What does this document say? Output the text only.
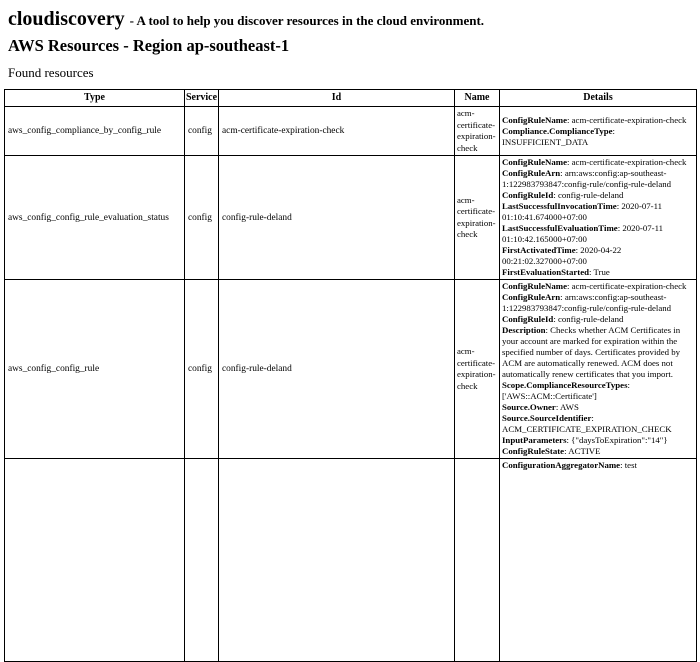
cloudiscovery - A tool to help you discover resources in the cloud environment.
AWS Resources - Region ap-southeast-1

Found resources

Type	Service	Id	Name	Details
aws_config_compliance_by_config_rule	config	acm-certificate-expiration-check	acm-certificate-expiration-check	ConfigRuleName: acm-certificate-expiration-check
Compliance.ComplianceType: INSUFFICIENT_DATA

aws_config_config_rule_evaluation_status	config	config-rule-deland	acm-certificate-expiration-check	
ConfigRuleName: acm-certificate-expiration-check
ConfigRuleArn: arn:aws:config:ap-southeast-1:122983793847:config-rule/config-rule-deland
ConfigRuleId: config-rule-deland
LastSuccessfulInvocationTime: 2020-07-11 01:10:41.674000+07:00
LastSuccessfulEvaluationTime: 2020-07-11 01:10:42.165000+07:00
FirstActivatedTime: 2020-04-22 00:21:02.327000+07:00
FirstEvaluationStarted: True

aws_config_config_rule	config	config-rule-deland	acm-certificate-expiration-check	
ConfigRuleName: acm-certificate-expiration-check
ConfigRuleArn: arn:aws:config:ap-southeast-1:122983793847:config-rule/config-rule-deland
ConfigRuleId: config-rule-deland
Description: Checks whether ACM Certificates in your account are marked for expiration within the specified number of days. Certificates provided by ACM are automatically renewed. ACM does not automatically renew certificates that you import.
Scope.ComplianceResourceTypes: ['AWS::ACM::Certificate']
Source.Owner: AWS
Source.SourceIdentifier: ACM_CERTIFICATE_EXPIRATION_CHECK
InputParameters: {"daysToExpiration":"14"}
ConfigRuleState: ACTIVE

				ConfigurationAggregatorName: test
